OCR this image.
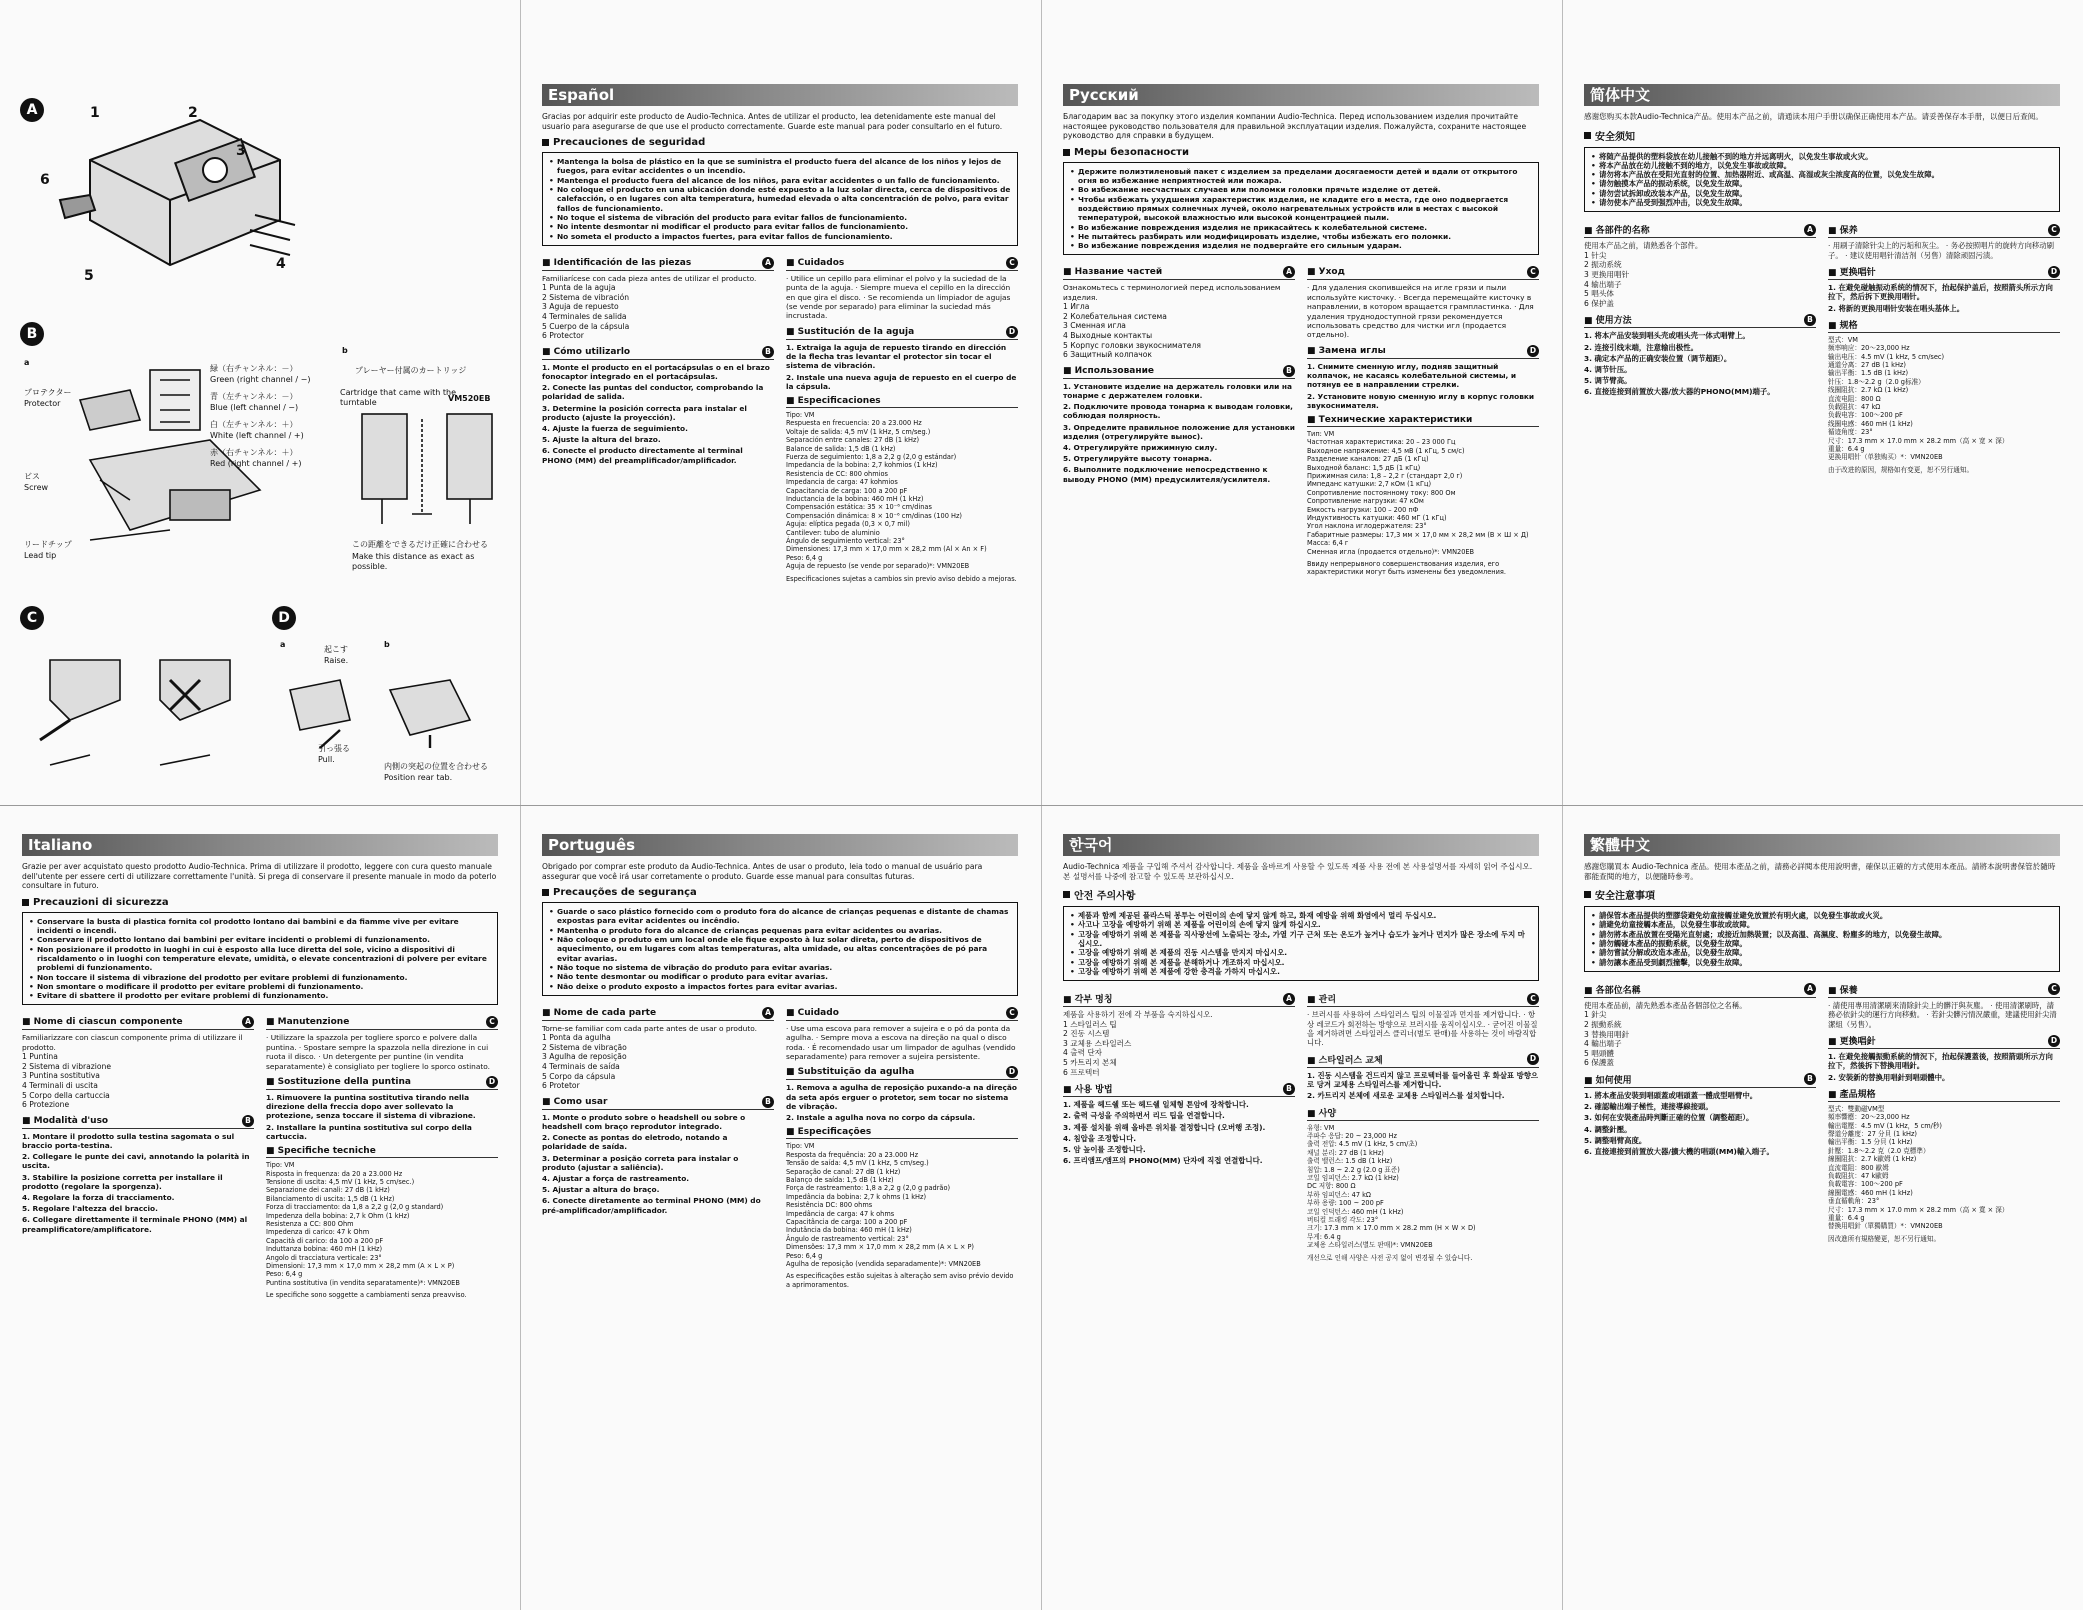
A	1	2
3
4
5
6
B
a
プロテクター
Protector
ビス
Screw
リードチップ
Lead tip
緑（右チャンネル：－）
Green (right channel / −)
青（左チャンネル：－）
Blue (left channel / −)
白（左チャンネル：＋）
White (left channel / +)
赤（右チャンネル：＋）
Red (right channel / +)
b
プレーヤー付属のカートリッジ
Cartridge that came with the turntable	VM520EB
この距離をできるだけ正確に合わせる
Make this distance as exact as possible.
C	D
a	b
起こす
Raise.
引っ張る
Pull.
内側の突起の位置を合わせる
Position rear tab.
Español
Gracias por adquirir este producto de Audio-Technica. Antes de utilizar el producto, lea detenidamente este manual del usuario para asegurarse de que use el producto correctamente. Guarde este manual para poder consultarlo en el futuro.
Precauciones de seguridad
• Mantenga la bolsa de plástico en la que se suministra el producto fuera del alcance de los niños y lejos de fuegos, para evitar accidentes o un incendio.
• Mantenga el producto fuera del alcance de los niños, para evitar accidentes o un fallo de funcionamiento.
• No coloque el producto en una ubicación donde esté expuesto a la luz solar directa, cerca de dispositivos de calefacción, o en lugares con alta temperatura, humedad elevada o alta concentración de polvo, para evitar fallos de funcionamiento.
• No toque el sistema de vibración del producto para evitar fallos de funcionamiento.
• No intente desmontar ni modificar el producto para evitar fallos de funcionamiento.
• No someta el producto a impactos fuertes, para evitar fallos de funcionamiento.
■ Identificación de las piezas	A
Familiarícese con cada pieza antes de utilizar el producto.
1 Punta de la aguja
2 Sistema de vibración
3 Aguja de repuesto
4 Terminales de salida
5 Cuerpo de la cápsula
6 Protector
■ Cómo utilizarlo	B
1. Monte el producto en el portacápsulas o en el brazo fonocaptor integrado en el portacápsulas.
2. Conecte las puntas del conductor, comprobando la polaridad de salida.
3. Determine la posición correcta para instalar el producto (ajuste la proyección).
4. Ajuste la fuerza de seguimiento.
5. Ajuste la altura del brazo.
6. Conecte el producto directamente al terminal PHONO (MM) del preamplificador/amplificador.
■ Cuidados	C
· Utilice un cepillo para eliminar el polvo y la suciedad de la punta de la aguja. · Siempre mueva el cepillo en la dirección en que gira el disco. · Se recomienda un limpiador de agujas (se vende por separado) para eliminar la suciedad más incrustada.
■ Sustitución de la aguja	D
1. Extraiga la aguja de repuesto tirando en dirección de la flecha tras levantar el protector sin tocar el sistema de vibración.
2. Instale una nueva aguja de repuesto en el cuerpo de la cápsula.
■ Especificaciones
Tipo: VM
Respuesta en frecuencia: 20 a 23.000 Hz
Voltaje de salida: 4,5 mV (1 kHz, 5 cm/seg.)
Separación entre canales: 27 dB (1 kHz)
Balance de salida: 1,5 dB (1 kHz)
Fuerza de seguimiento: 1,8 a 2,2 g (2,0 g estándar)
Impedancia de la bobina: 2,7 kohmios (1 kHz)
Resistencia de CC: 800 ohmios
Impedancia de carga: 47 kohmios
Capacitancia de carga: 100 a 200 pF
Inductancia de la bobina: 460 mH (1 kHz)
Compensación estática: 35 × 10⁻⁶ cm/dinas
Compensación dinámica: 8 × 10⁻⁶ cm/dinas (100 Hz)
Aguja: elíptica pegada (0,3 × 0,7 mil)
Cantilever: tubo de aluminio
Ángulo de seguimiento vertical: 23°
Dimensiones: 17,3 mm × 17,0 mm × 28,2 mm (Al × An × F)
Peso: 6,4 g
Aguja de repuesto (se vende por separado)*: VMN20EB
Especificaciones sujetas a cambios sin previo aviso debido a mejoras.
Русский
Благодарим вас за покупку этого изделия компании Audio-Technica. Перед использованием изделия прочитайте настоящее руководство пользователя для правильной эксплуатации изделия. Пожалуйста, сохраните настоящее руководство для справки в будущем.
Меры безопасности
• Держите полиэтиленовый пакет с изделием за пределами досягаемости детей и вдали от открытого огня во избежание неприятностей или пожара.
• Во избежание несчастных случаев или поломки головки прячьте изделие от детей.
• Чтобы избежать ухудшения характеристик изделия, не кладите его в места, где оно подвергается воздействию прямых солнечных лучей, около нагревательных устройств или в местах с высокой температурой, высокой влажностью или высокой концентрацией пыли.
• Во избежание повреждения изделия не прикасайтесь к колебательной системе.
• Не пытайтесь разбирать или модифицировать изделие, чтобы избежать его поломки.
• Во избежание повреждения изделия не подвергайте его сильным ударам.
■ Название частей	A
Ознакомьтесь с терминологией перед использованием изделия.
1 Игла
2 Колебательная система
3 Сменная игла
4 Выходные контакты
5 Корпус головки звукоснимателя
6 Защитный колпачок
■ Использование	B
1. Установите изделие на держатель головки или на тонарме с держателем головки.
2. Подключите провода тонарма к выводам головки, соблюдая полярность.
3. Определите правильное положение для установки изделия (отрегулируйте вынос).
4. Отрегулируйте прижимную силу.
5. Отрегулируйте высоту тонарма.
6. Выполните подключение непосредственно к выводу PHONO (MM) предусилителя/усилителя.
■ Уход	C
· Для удаления скопившейся на игле грязи и пыли используйте кисточку. · Всегда перемещайте кисточку в направлении, в котором вращается грампластинка. · Для удаления труднодоступной грязи рекомендуется использовать средство для чистки игл (продается отдельно).
■ Замена иглы	D
1. Снимите сменную иглу, подняв защитный колпачок, не касаясь колебательной системы, и потянув ее в направлении стрелки.
2. Установите новую сменную иглу в корпус головки звукоснимателя.
■ Технические характеристики
Тип: VM
Частотная характеристика: 20 – 23 000 Гц
Выходное напряжение: 4,5 мВ (1 кГц, 5 см/с)
Разделение каналов: 27 дБ (1 кГц)
Выходной баланс: 1,5 дБ (1 кГц)
Прижимная сила: 1,8 – 2,2 г (стандарт 2,0 г)
Импеданс катушки: 2,7 кОм (1 кГц)
Сопротивление постоянному току: 800 Ом
Сопротивление нагрузки: 47 кОм
Емкость нагрузки: 100 – 200 пФ
Индуктивность катушки: 460 мГ (1 кГц)
Угол наклона иглодержателя: 23°
Габаритные размеры: 17,3 мм × 17,0 мм × 28,2 мм (В × Ш × Д)
Масса: 6,4 г
Сменная игла (продается отдельно)*: VMN20EB
Ввиду непрерывного совершенствования изделия, его характеристики могут быть изменены без уведомления.
简体中文
感谢您购买本款Audio-Technica产品。使用本产品之前，请通读本用户手册以确保正确使用本产品。请妥善保存本手册，以便日后查阅。
安全须知
• 将随产品提供的塑料袋放在幼儿接触不到的地方并远离明火，以免发生事故或火灾。
• 将本产品放在幼儿接触不到的地方，以免发生事故或故障。
• 请勿将本产品放在受阳光直射的位置、加热器附近、或高温、高湿或灰尘浓度高的位置，以免发生故障。
• 请勿触摸本产品的振动系统，以免发生故障。
• 请勿尝试拆卸或改装本产品，以免发生故障。
• 请勿使本产品受到强烈冲击，以免发生故障。
■ 各部件的名称	A
使用本产品之前，请熟悉各个部件。
1 针尖
2 振动系统
3 更换用唱针
4 输出端子
5 唱头体
6 保护盖
■ 使用方法	B
1. 将本产品安装到唱头壳或唱头壳一体式唱臂上。
2. 连接引线末端，注意输出极性。
3. 确定本产品的正确安装位置（调节超距）。
4. 调节针压。
5. 调节臂高。
6. 直接连接到前置放大器/放大器的PHONO(MM)端子。
■ 保养	C
· 用刷子清除针尖上的污垢和灰尘。 · 务必按照唱片的旋转方向移动刷子。 · 建议使用唱针清洁剂（另售）清除顽固污渍。
■ 更换唱针	D
1. 在避免碰触振动系统的情况下，抬起保护盖后，按照箭头所示方向拉下，然后拆下更换用唱针。
2. 将新的更换用唱针安装在唱头基体上。
■ 规格
型式：VM
频率响应：20～23,000 Hz
输出电压：4.5 mV (1 kHz, 5 cm/sec)
通道分离：27 dB (1 kHz)
输出平衡：1.5 dB (1 kHz)
针压：1.8～2.2 g（2.0 g标准）
线圈阻抗：2.7 kΩ (1 kHz)
直流电阻：800 Ω
负载阻抗：47 kΩ
负载电容：100～200 pF
线圈电感：460 mH (1 kHz)
循迹角度：23°
尺寸：17.3 mm × 17.0 mm × 28.2 mm（高 × 宽 × 深）
重量：6.4 g
更换用唱针（单独购买）*：VMN20EB
由于改进的原因，规格如有变更，恕不另行通知。
Italiano
Grazie per aver acquistato questo prodotto Audio-Technica. Prima di utilizzare il prodotto, leggere con cura questo manuale dell'utente per essere certi di utilizzare correttamente l'unità. Si prega di conservare il presente manuale in modo da poterlo consultare in futuro.
Precauzioni di sicurezza
• Conservare la busta di plastica fornita col prodotto lontano dai bambini e da fiamme vive per evitare incidenti o incendi.
• Conservare il prodotto lontano dai bambini per evitare incidenti o problemi di funzionamento.
• Non posizionare il prodotto in luoghi in cui è esposto alla luce diretta del sole, vicino a dispositivi di riscaldamento o in luoghi con temperature elevate, umidità, o elevate concentrazioni di polvere per evitare problemi di funzionamento.
• Non toccare il sistema di vibrazione del prodotto per evitare problemi di funzionamento.
• Non smontare o modificare il prodotto per evitare problemi di funzionamento.
• Evitare di sbattere il prodotto per evitare problemi di funzionamento.
■ Nome di ciascun componente	A
Familiarizzare con ciascun componente prima di utilizzare il prodotto.
1 Puntina
2 Sistema di vibrazione
3 Puntina sostitutiva
4 Terminali di uscita
5 Corpo della cartuccia
6 Protezione
■ Modalità d'uso	B
1. Montare il prodotto sulla testina sagomata o sul braccio porta-testina.
2. Collegare le punte dei cavi, annotando la polarità in uscita.
3. Stabilire la posizione corretta per installare il prodotto (regolare la sporgenza).
4. Regolare la forza di tracciamento.
5. Regolare l'altezza del braccio.
6. Collegare direttamente il terminale PHONO (MM) al preamplificatore/amplificatore.
■ Manutenzione	C
· Utilizzare la spazzola per togliere sporco e polvere dalla puntina. · Spostare sempre la spazzola nella direzione in cui ruota il disco. · Un detergente per puntine (in vendita separatamente) è consigliato per togliere lo sporco ostinato.
■ Sostituzione della puntina	D
1. Rimuovere la puntina sostitutiva tirando nella direzione della freccia dopo aver sollevato la protezione, senza toccare il sistema di vibrazione.
2. Installare la puntina sostitutiva sul corpo della cartuccia.
■ Specifiche tecniche
Tipo: VM
Risposta in frequenza: da 20 a 23.000 Hz
Tensione di uscita: 4,5 mV (1 kHz, 5 cm/sec.)
Separazione dei canali: 27 dB (1 kHz)
Bilanciamento di uscita: 1,5 dB (1 kHz)
Forza di tracciamento: da 1,8 a 2,2 g (2,0 g standard)
Impedenza della bobina: 2,7 k Ohm (1 kHz)
Resistenza a CC: 800 Ohm
Impedenza di carico: 47 k Ohm
Capacità di carico: da 100 a 200 pF
Induttanza bobina: 460 mH (1 kHz)
Angolo di tracciatura verticale: 23°
Dimensioni: 17,3 mm × 17,0 mm × 28,2 mm (A × L × P)
Peso: 6,4 g
Puntina sostitutiva (in vendita separatamente)*: VMN20EB
Le specifiche sono soggette a cambiamenti senza preavviso.
Português
Obrigado por comprar este produto da Audio-Technica. Antes de usar o produto, leia todo o manual de usuário para assegurar que você irá usar corretamente o produto. Guarde esse manual para consultas futuras.
Precauções de segurança
• Guarde o saco plástico fornecido com o produto fora do alcance de crianças pequenas e distante de chamas expostas para evitar acidentes ou incêndio.
• Mantenha o produto fora do alcance de crianças pequenas para evitar acidentes ou avarias.
• Não coloque o produto em um local onde ele fique exposto à luz solar direta, perto de dispositivos de aquecimento, ou em lugares com altas temperaturas, alta umidade, ou altas concentrações de pó para evitar avarias.
• Não toque no sistema de vibração do produto para evitar avarias.
• Não tente desmontar ou modificar o produto para evitar avarias.
• Não deixe o produto exposto a impactos fortes para evitar avarias.
■ Nome de cada parte	A
Torne-se familiar com cada parte antes de usar o produto.
1 Ponta da agulha
2 Sistema de vibração
3 Agulha de reposição
4 Terminais de saída
5 Corpo da cápsula
6 Protetor
■ Como usar	B
1. Monte o produto sobre o headshell ou sobre o headshell com braço reprodutor integrado.
2. Conecte as pontas do eletrodo, notando a polaridade de saída.
3. Determinar a posição correta para instalar o produto (ajustar a saliência).
4. Ajustar a força de rastreamento.
5. Ajustar a altura do braço.
6. Conecte diretamente ao terminal PHONO (MM) do pré-amplificador/amplificador.
■ Cuidado	C
· Use uma escova para remover a sujeira e o pó da ponta da agulha. · Sempre mova a escova na direção na qual o disco roda. · É recomendado usar um limpador de agulhas (vendido separadamente) para remover a sujeira persistente.
■ Substituição da agulha	D
1. Remova a agulha de reposição puxando-a na direção da seta após erguer o protetor, sem tocar no sistema de vibração.
2. Instale a agulha nova no corpo da cápsula.
■ Especificações
Tipo: VM
Resposta da frequência: 20 a 23.000 Hz
Tensão de saída: 4,5 mV (1 kHz, 5 cm/seg.)
Separação de canal: 27 dB (1 kHz)
Balanço de saída: 1,5 dB (1 kHz)
Força de rastreamento: 1,8 a 2,2 g (2,0 g padrão)
Impedância da bobina: 2,7 k ohms (1 kHz)
Resistência DC: 800 ohms
Impedância de carga: 47 k ohms
Capacitância de carga: 100 a 200 pF
Indutância da bobina: 460 mH (1 kHz)
Ângulo de rastreamento vertical: 23°
Dimensões: 17,3 mm × 17,0 mm × 28,2 mm (A × L × P)
Peso: 6,4 g
Agulha de reposição (vendida separadamente)*: VMN20EB
As especificações estão sujeitas à alteração sem aviso prévio devido a aprimoramentos.
한국어
Audio-Technica 제품을 구입해 주셔서 감사합니다. 제품을 올바르게 사용할 수 있도록 제품 사용 전에 본 사용설명서를 자세히 읽어 주십시오. 본 설명서를 나중에 참고할 수 있도록 보관하십시오.
안전 주의사항
• 제품과 함께 제공된 플라스틱 봉투는 어린이의 손에 닿지 않게 하고, 화재 예방을 위해 화염에서 멀리 두십시오.
• 사고나 고장을 예방하기 위해 본 제품을 어린이의 손에 닿지 않게 하십시오.
• 고장을 예방하기 위해 본 제품을 직사광선에 노출되는 장소, 가열 기구 근처 또는 온도가 높거나 습도가 높거나 먼지가 많은 장소에 두지 마십시오.
• 고장을 예방하기 위해 본 제품의 진동 시스템을 만지지 마십시오.
• 고장을 예방하기 위해 본 제품을 분해하거나 개조하지 마십시오.
• 고장을 예방하기 위해 본 제품에 강한 충격을 가하지 마십시오.
■ 각부 명칭	A
제품을 사용하기 전에 각 부품을 숙지하십시오.
1 스타일러스 팁
2 진동 시스템
3 교체용 스타일러스
4 출력 단자
5 카트리지 본체
6 프로텍터
■ 사용 방법	B
1. 제품을 헤드쉘 또는 헤드쉘 일체형 톤암에 장착합니다.
2. 출력 극성을 주의하면서 리드 팁을 연결합니다.
3. 제품 설치를 위해 올바른 위치를 결정합니다 (오버행 조정).
4. 침압을 조정합니다.
5. 암 높이를 조정합니다.
6. 프리앰프/앰프의 PHONO(MM) 단자에 직접 연결합니다.
■ 관리	C
· 브러시를 사용하여 스타일러스 팁의 이물질과 먼지를 제거합니다. · 항상 레코드가 회전하는 방향으로 브러시를 움직이십시오. · 굳어진 이물질을 제거하려면 스타일러스 클리너(별도 판매)를 사용하는 것이 바람직합니다.
■ 스타일러스 교체	D
1. 진동 시스템을 건드리지 않고 프로텍터를 들어올린 후 화살표 방향으로 당겨 교체용 스타일러스를 제거합니다.
2. 카트리지 본체에 새로운 교체용 스타일러스를 설치합니다.
■ 사양
유형: VM
주파수 응답: 20 ~ 23,000 Hz
출력 전압: 4.5 mV (1 kHz, 5 cm/초)
채널 분리: 27 dB (1 kHz)
출력 밸런스: 1.5 dB (1 kHz)
침압: 1.8 ~ 2.2 g (2.0 g 표준)
코일 임피던스: 2.7 kΩ (1 kHz)
DC 저항: 800 Ω
부하 임피던스: 47 kΩ
부하 용량: 100 ~ 200 pF
코일 인덕턴스: 460 mH (1 kHz)
버티컬 트래킹 각도: 23°
크기: 17.3 mm × 17.0 mm × 28.2 mm (H × W × D)
무게: 6.4 g
교체용 스타일러스(별도 판매)*: VMN20EB
개선으로 인해 사양은 사전 공지 없이 변경될 수 있습니다.
繁體中文
感謝您購買本 Audio-Technica 產品。使用本產品之前，請務必詳閱本使用說明書，確保以正確的方式使用本產品。請將本說明書保管於隨時都能查閱的地方，以便隨時參考。
安全注意事項
• 請保管本產品提供的塑膠袋避免幼童接觸並避免放置於有明火處，以免發生事故或火災。
• 請避免幼童接觸本產品，以免發生事故或故障。
• 請勿將本產品放置在受陽光直射處；或接近加熱裝置；以及高溫、高濕度、粉塵多的地方，以免發生故障。
• 請勿觸碰本產品的振動系統，以免發生故障。
• 請勿嘗試分解或改造本產品，以免發生故障。
• 請勿讓本產品受到劇烈撞擊，以免發生故障。
■ 各部位名稱	A
使用本產品前，請先熟悉本產品各個部位之名稱。
1 針尖
2 振動系統
3 替換用唱針
4 輸出端子
5 唱頭體
6 保護蓋
■ 如何使用	B
1. 將本產品安裝到唱頭蓋或唱頭蓋一體成型唱臂中。
2. 確認輸出端子極性，連接導線接頭。
3. 如何在安裝產品時判斷正確的位置（調整超距）。
4. 調整針壓。
5. 調整唱臂高度。
6. 直接連接到前置放大器/擴大機的唱頭(MM)輸入端子。
■ 保養	C
· 請使用專用清潔刷來清除針尖上的髒汙與灰塵。 · 使用清潔刷時，請務必依針尖的運行方向移動。 · 若針尖髒污情況嚴重，建議使用針尖清潔組（另售）。
■ 更換唱針	D
1. 在避免接觸振動系統的情況下，抬起保護蓋後，按照箭頭所示方向拉下，然後拆下替換用唱針。
2. 安裝新的替換用唱針到唱頭體中。
■ 產品規格
型式：雙動磁VM型
頻率響應：20～23,000 Hz
輸出電壓：4.5 mV (1 kHz，5 cm/秒)
聲道分離度：27 分貝 (1 kHz)
輸出平衡：1.5 分貝 (1 kHz)
針壓：1.8～2.2 克（2.0 克標準）
線圈阻抗：2.7 k歐姆 (1 kHz)
直流電阻：800 歐姆
負載阻抗：47 k歐姆
負載電容：100～200 pF
線圈電感：460 mH (1 kHz)
垂直循軌角：23°
尺寸：17.3 mm × 17.0 mm × 28.2 mm（高 × 寬 × 深）
重量：6.4 g
替換用唱針（單獨購買）*：VMN20EB
因改進所有規格變更，恕不另行通知。
